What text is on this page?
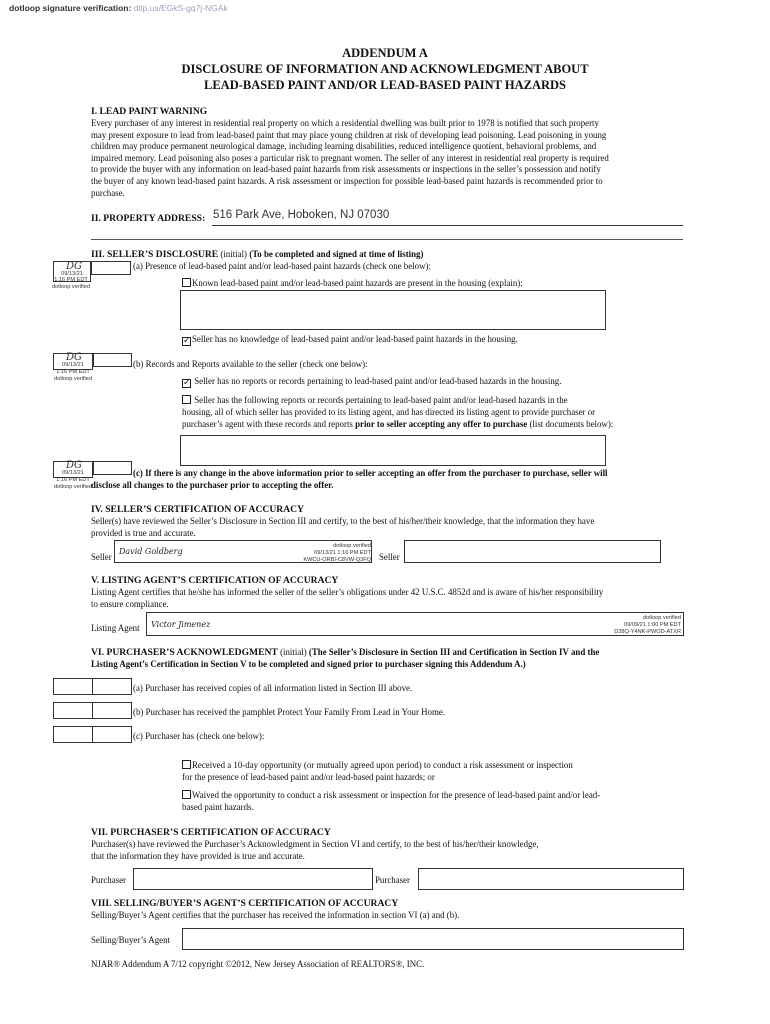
dotloop signature verification: dtlp.us/EGkS-gq7j-NGAk
ADDENDUM A
DISCLOSURE OF INFORMATION AND ACKNOWLEDGMENT ABOUT
LEAD-BASED PAINT AND/OR LEAD-BASED PAINT HAZARDS
I. LEAD PAINT WARNING
Every purchaser of any interest in residential real property on which a residential dwelling was built prior to 1978 is notified that such property
may present exposure to lead from lead-based paint that may place young children at risk of developing lead poisoning. Lead poisoning in young
children may produce permanent neurological damage, including learning disabilities, reduced intelligence quotient, behavioral problems, and
impaired memory. Lead poisoning also poses a particular risk to pregnant women. The seller of any interest in residential real property is required
to provide the buyer with any information on lead-based paint hazards from risk assessments or inspections in the seller’s possession and notify
the buyer of any known lead-based paint hazards. A risk assessment or inspection for possible lead-based paint hazards is recommended prior to
purchase.
II. PROPERTY ADDRESS: 516 Park Ave, Hoboken, NJ 07030
III. SELLER’S DISCLOSURE (initial) (To be completed and signed at time of listing)
DG
09/13/21
1:16 PM EDT
dotloop verified
(a) Presence of lead-based paint and/or lead-based paint hazards (check one below):
Known lead-based paint and/or lead-based paint hazards are present in the housing (explain):
✓Seller has no knowledge of lead-based paint and/or lead-based paint hazards in the housing.
DG
09/13/21
1:16 PM EDT
dotloop verified
(b) Records and Reports available to the seller (check one below):
✓ Seller has no reports or records pertaining to lead-based paint and/or lead-based hazards in the housing.
Seller has the following reports or records pertaining to lead-based paint and/or lead-based hazards in the
housing, all of which seller has provided to its listing agent, and has directed its listing agent to provide purchaser or
purchaser’s agent with these records and reports prior to seller accepting any offer to purchase (list documents below):
DG
09/13/21
1:16 PM EDT
dotloop verified
(c) If there is any change in the above information prior to seller accepting an offer from the purchaser to purchase, seller will
disclose all changes to the purchaser prior to accepting the offer.
IV. SELLER’S CERTIFICATION OF ACCURACY
Seller(s) have reviewed the Seller’s Disclosure in Section III and certify, to the best of his/her/their knowledge, that the information they have
provided is true and accurate.
Seller
David Goldberg
dotloop verified
09/13/21 1:16 PM EDT
KWCU-ORBI-C8VW-Q3FQ Seller
V. LISTING AGENT’S CERTIFICATION OF ACCURACY
Listing Agent certifies that he/she has informed the seller of the seller’s obligations under 42 U.S.C. 4852d and is aware of his/her responsibility
to ensure compliance.
Listing Agent Victor Jimenez
dotloop verified
09/09/21 1:00 PM EDT
D28Q-Y4NK-PWOD-ATXR
VI. PURCHASER’S ACKNOWLEDGMENT (initial) (The Seller’s Disclosure in Section III and Certification in Section IV and the
Listing Agent’s Certification in Section V to be completed and signed prior to purchaser signing this Addendum A.)
(a) Purchaser has received copies of all information listed in Section III above.
(b) Purchaser has received the pamphlet Protect Your Family From Lead in Your Home.
(c) Purchaser has (check one below):
Received a 10-day opportunity (or mutually agreed upon period) to conduct a risk assessment or inspection
for the presence of lead-based paint and/or lead-based paint hazards; or
Waived the opportunity to conduct a risk assessment or inspection for the presence of lead-based paint and/or lead-
based paint hazards.
VII. PURCHASER’S CERTIFICATION OF ACCURACY
Purchaser(s) have reviewed the Purchaser’s Acknowledgment in Section VI and certify, to the best of his/her/their knowledge,
that the information they have provided is true and accurate.
Purchaser	Purchaser
VIII. SELLING/BUYER’S AGENT’S CERTIFICATION OF ACCURACY
Selling/Buyer’s Agent certifies that the purchaser has received the information in section VI (a) and (b).
Selling/Buyer’s Agent
NJAR® Addendum A 7/12 copyright ©2012, New Jersey Association of REALTORS®, INC.
